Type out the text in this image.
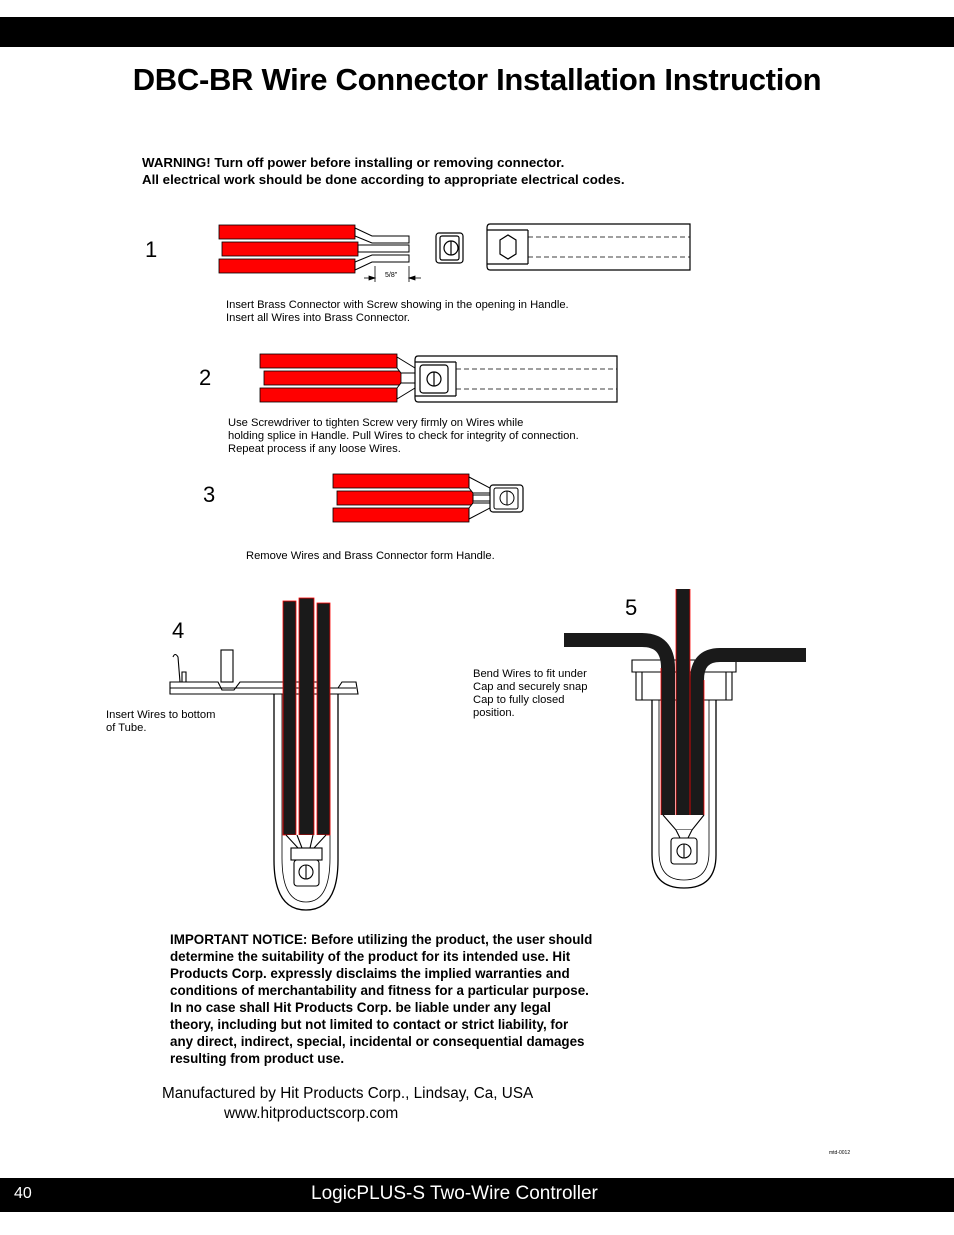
DBC-BR Wire Connector Installation Instruction
WARNING! Turn off power before installing or removing connector.
All electrical work should be done according to appropriate electrical codes.
1
2
3
4
5
Insert Brass Connector with Screw showing in the opening in Handle.
Insert all Wires into Brass Connector.
Use Screwdriver to tighten Screw very firmly on Wires while
holding splice in Handle. Pull Wires to check for integrity of connection.
Repeat process if any loose Wires.
Remove Wires and Brass Connector form Handle.
Insert Wires to bottom
of Tube.
Bend Wires to fit under
Cap and securely snap
Cap to fully closed
position.
5/8"
IMPORTANT NOTICE: Before utilizing the product, the user should
determine the suitability of the product for its intended use. Hit
Products Corp. expressly disclaims the implied warranties and
conditions of merchantability and fitness for a particular purpose.
In no case shall Hit Products Corp. be liable under any legal
theory, including but not limited to contact or strict liability, for
any direct, indirect, special, incidental or consequential damages
resulting from product use.
Manufactured by Hit Products Corp., Lindsay, Ca, USA
www.hitproductscorp.com
mtd-0012
40	LogicPLUS-S Two-Wire Controller
